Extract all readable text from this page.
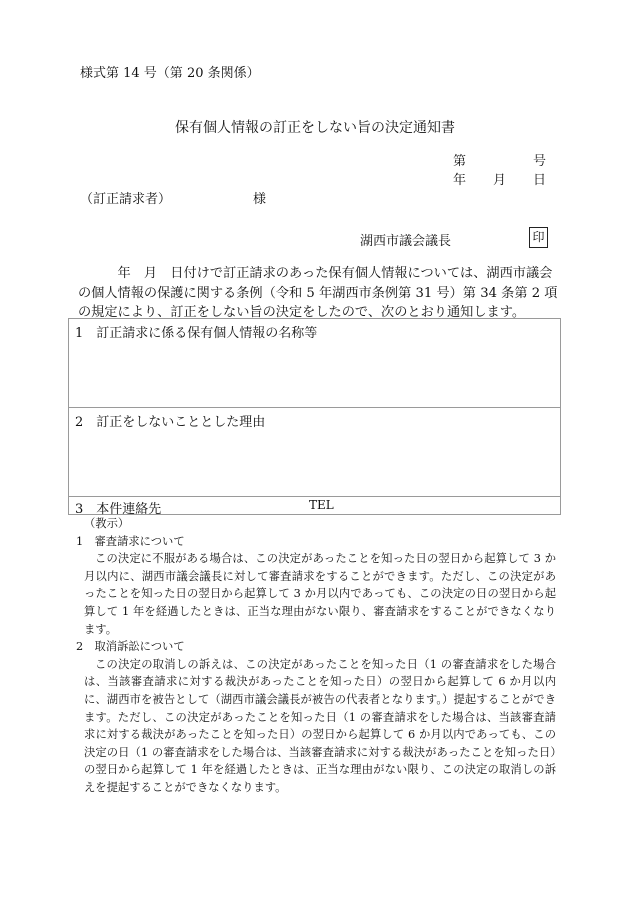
様式第 14 号（第 20 条関係）
保有個人情報の訂正をしない旨の決定通知書
第	号
年 月 日
（訂正請求者）	様
湖西市議会議長	印
　　　年　月　日付けで訂正請求のあった保有個人情報については、湖西市議会の個人情報の保護に関する条例（令和 5 年湖西市条例第 31 号）第 34 条第 2 項の規定により、訂正をしない旨の決定をしたので、次のとおり通知します。
1　訂正請求に係る保有個人情報の名称等
2　訂正をしないこととした理由
3　本件連絡先	TEL

（教示）

1　審査請求について

この決定に不服がある場合は、この決定があったことを知った日の翌日から起算して 3 か月以内に、湖西市議会議長に対して審査請求をすることができます。ただし、この決定があったことを知った日の翌日から起算して 3 か月以内であっても、この決定の日の翌日から起算して 1 年を経過したときは、正当な理由がない限り、審査請求をすることができなくなります。

2　取消訴訟について

この決定の取消しの訴えは、この決定があったことを知った日（1 の審査請求をした場合は、当該審査請求に対する裁決があったことを知った日）の翌日から起算して 6 か月以内に、湖西市を被告として（湖西市議会議長が被告の代表者となります。）提起することができます。ただし、この決定があったことを知った日（1 の審査請求をした場合は、当該審査請求に対する裁決があったことを知った日）の翌日から起算して 6 か月以内であっても、この決定の日（1 の審査請求をした場合は、当該審査請求に対する裁決があったことを知った日）の翌日から起算して 1 年を経過したときは、正当な理由がない限り、この決定の取消しの訴えを提起することができなくなります。
